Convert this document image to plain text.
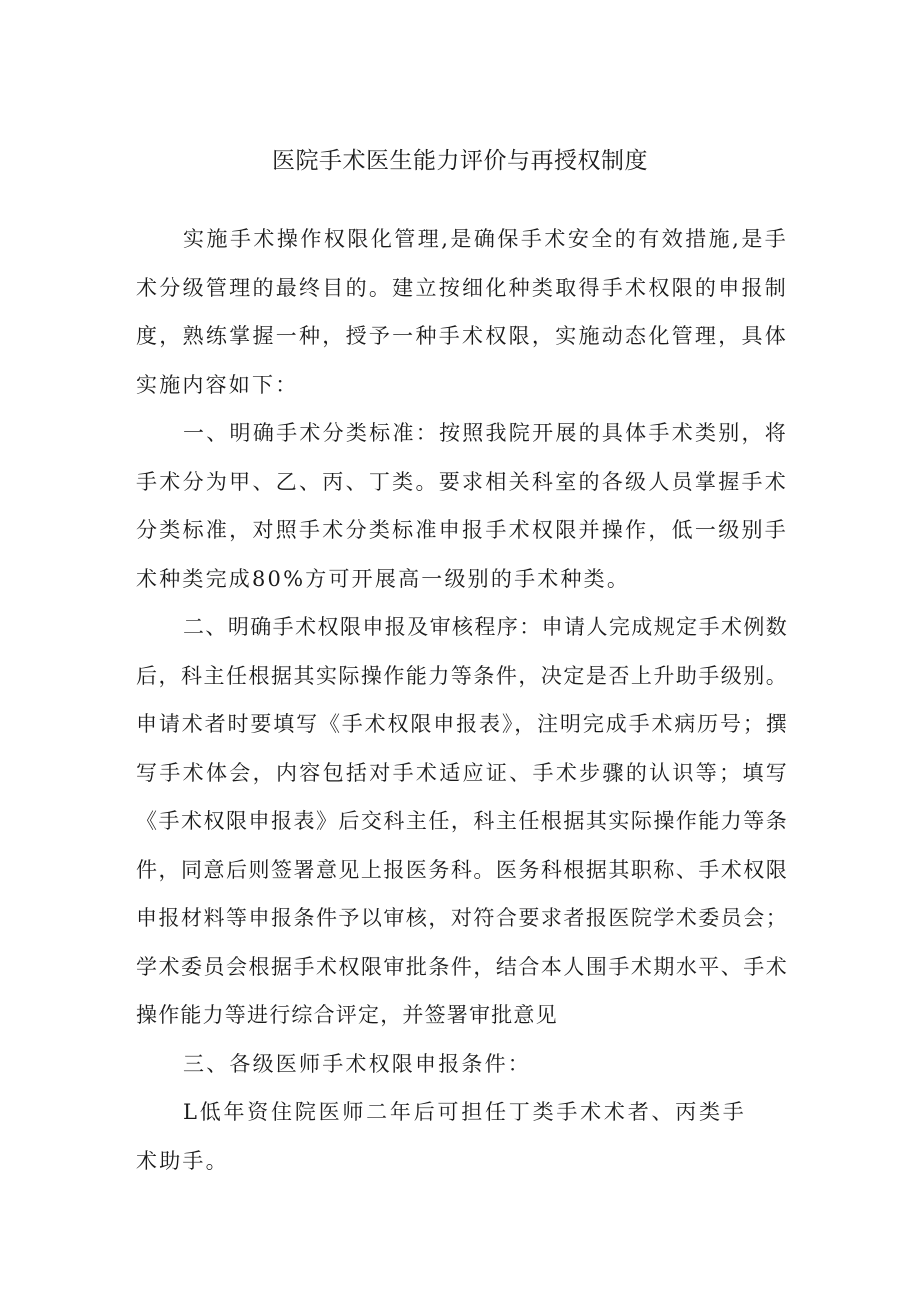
医院手术医生能力评价与再授权制度

实施手术操作权限化管理,是确保手术安全的有效措施,是手术分级管理的最终目的。建立按细化种类取得手术权限的申报制度，熟练掌握一种，授予一种手术权限，实施动态化管理，具体实施内容如下：

一、明确手术分类标准：按照我院开展的具体手术类别，将手术分为甲、乙、丙、丁类。要求相关科室的各级人员掌握手术分类标准，对照手术分类标准申报手术权限并操作，低一级别手术种类完成80%方可开展高一级别的手术种类。

二、明确手术权限申报及审核程序：申请人完成规定手术例数后，科主任根据其实际操作能力等条件，决定是否上升助手级别。申请术者时要填写《手术权限申报表》，注明完成手术病历号；撰写手术体会，内容包括对手术适应证、手术步骤的认识等；填写《手术权限申报表》后交科主任，科主任根据其实际操作能力等条件，同意后则签署意见上报医务科。医务科根据其职称、手术权限申报材料等申报条件予以审核，对符合要求者报医院学术委员会；学术委员会根据手术权限审批条件，结合本人围手术期水平、手术操作能力等进行综合评定，并签署审批意见

三、各级医师手术权限申报条件：

L低年资住院医师二年后可担任丁类手术术者、丙类手术助手。
